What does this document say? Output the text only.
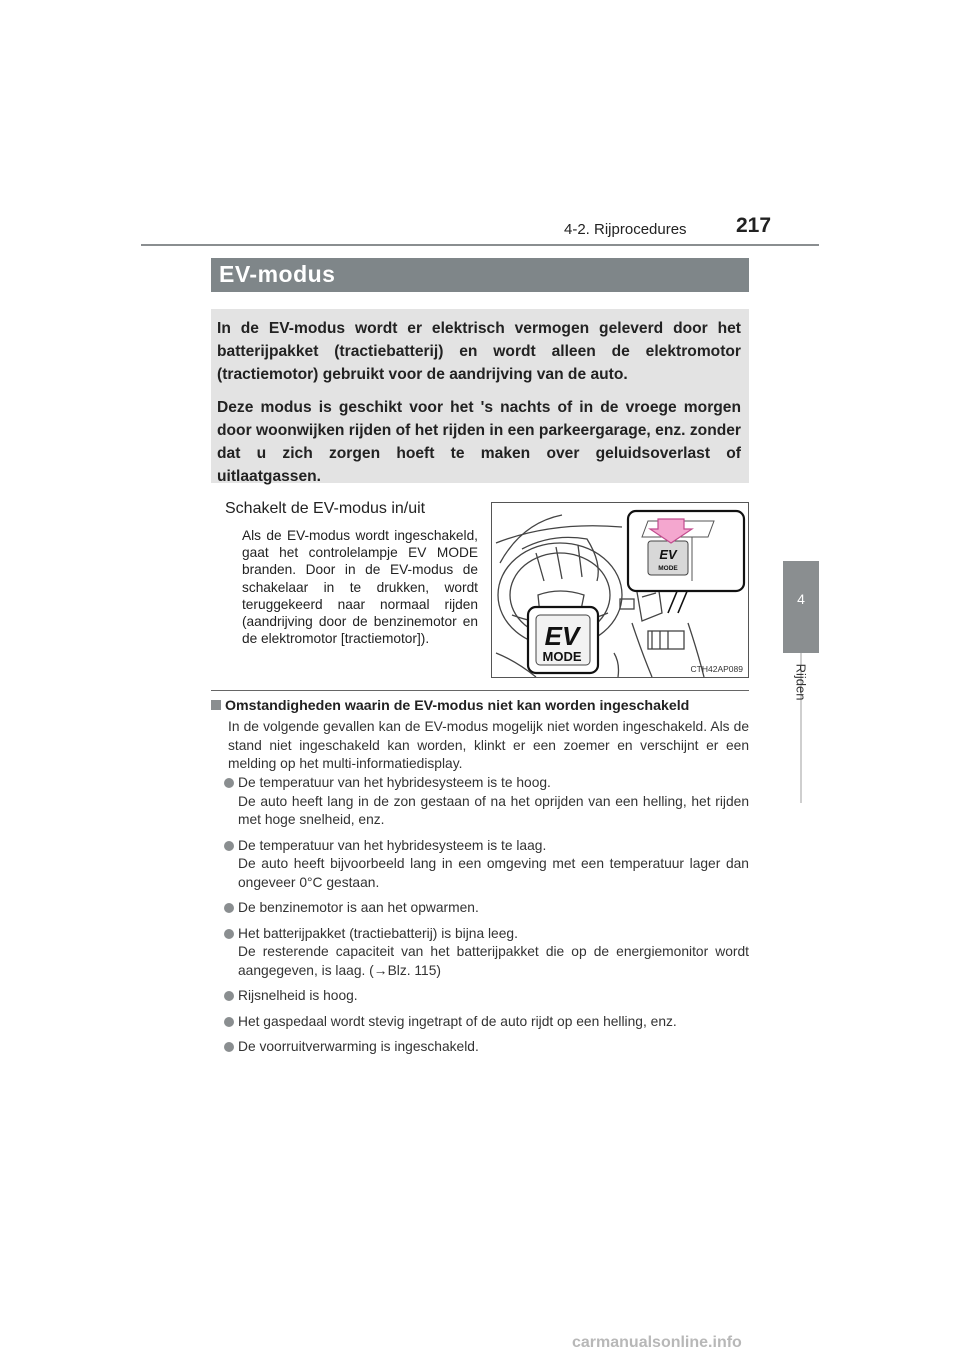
4-2. Rijprocedures 217
4
Rijden
EV-modus

In de EV-modus wordt er elektrisch vermogen geleverd door het batterijpakket (tractiebatterij) en wordt alleen de elektromotor (tractiemotor) gebruikt voor de aandrijving van de auto.

Deze modus is geschikt voor het 's nachts of in de vroege morgen door woonwijken rijden of het rijden in een parkeergarage, enz. zonder dat u zich zorgen hoeft te maken over geluidsoverlast of uitlaatgassen.

Schakelt de EV-modus in/uit
Als de EV-modus wordt ingeschakeld, gaat het controlelampje EV MODE branden. Door in de EV-modus de schakelaar in te drukken, wordt teruggekeerd naar normaal rijden (aandrijving door de benzinemotor en de elektromotor [tractiemotor]).
EV
MODE
EV
MODE
CTH42AP089
Omstandigheden waarin de EV-modus niet kan worden ingeschakeld
In de volgende gevallen kan de EV-modus mogelijk niet worden ingeschakeld. Als de stand niet ingeschakeld kan worden, klinkt er een zoemer en verschijnt er een melding op het multi-informatiedisplay.
De temperatuur van het hybridesysteem is te hoog.
De auto heeft lang in de zon gestaan of na het oprijden van een helling, het rijden met hoge snelheid, enz.
De temperatuur van het hybridesysteem is te laag.
De auto heeft bijvoorbeeld lang in een omgeving met een temperatuur lager dan ongeveer 0°C gestaan.
De benzinemotor is aan het opwarmen.
Het batterijpakket (tractiebatterij) is bijna leeg.
De resterende capaciteit van het batterijpakket die op de energiemonitor wordt aangegeven, is laag. (→Blz. 115)
Rijsnelheid is hoog.
Het gaspedaal wordt stevig ingetrapt of de auto rijdt op een helling, enz.
De voorruitverwarming is ingeschakeld.
carmanualsonline.info
